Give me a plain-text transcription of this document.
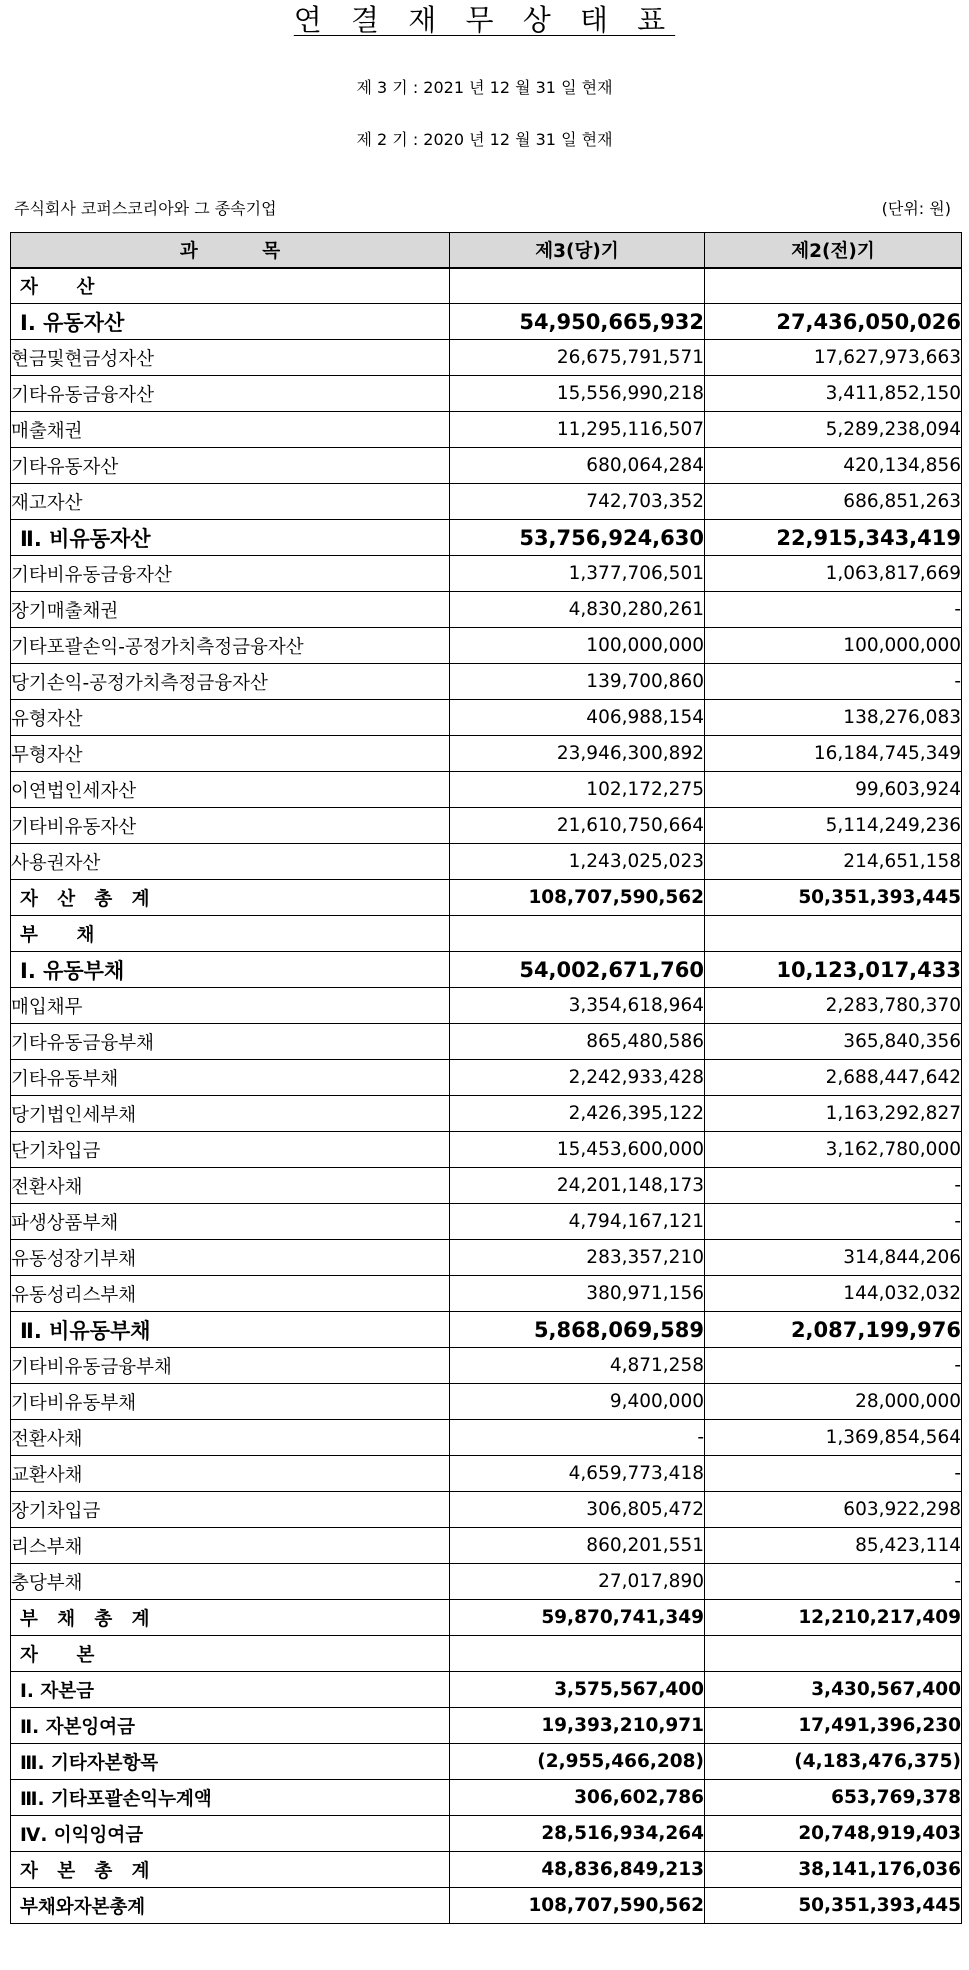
연 결 재 무 상 태 표
제 3 기 : 2021 년 12 월 31 일 현재
제 2 기 : 2020 년 12 월 31 일 현재
주식회사 코퍼스코리아와 그 종속기업	(단위: 원)
과          목	제3(당)기	제2(전)기
자      산		
Ⅰ. 유동자산	54,950,665,932	27,436,050,026
현금및현금성자산	26,675,791,571	17,627,973,663
기타유동금융자산	15,556,990,218	3,411,852,150
매출채권	11,295,116,507	5,289,238,094
기타유동자산	680,064,284	420,134,856
재고자산	742,703,352	686,851,263
Ⅱ. 비유동자산	53,756,924,630	22,915,343,419
기타비유동금융자산	1,377,706,501	1,063,817,669
장기매출채권	4,830,280,261	-
기타포괄손익-공정가치측정금융자산	100,000,000	100,000,000
당기손익-공정가치측정금융자산	139,700,860	-
유형자산	406,988,154	138,276,083
무형자산	23,946,300,892	16,184,745,349
이연법인세자산	102,172,275	99,603,924
기타비유동자산	21,610,750,664	5,114,249,236
사용권자산	1,243,025,023	214,651,158
자   산   총   계	108,707,590,562	50,351,393,445
부      채		
Ⅰ. 유동부채	54,002,671,760	10,123,017,433
매입채무	3,354,618,964	2,283,780,370
기타유동금융부채	865,480,586	365,840,356
기타유동부채	2,242,933,428	2,688,447,642
당기법인세부채	2,426,395,122	1,163,292,827
단기차입금	15,453,600,000	3,162,780,000
전환사채	24,201,148,173	-
파생상품부채	4,794,167,121	-
유동성장기부채	283,357,210	314,844,206
유동성리스부채	380,971,156	144,032,032
Ⅱ. 비유동부채	5,868,069,589	2,087,199,976
기타비유동금융부채	4,871,258	-
기타비유동부채	9,400,000	28,000,000
전환사채	-	1,369,854,564
교환사채	4,659,773,418	-
장기차입금	306,805,472	603,922,298
리스부채	860,201,551	85,423,114
충당부채	27,017,890	-
부   채   총   계	59,870,741,349	12,210,217,409
자      본		
Ⅰ. 자본금	3,575,567,400	3,430,567,400
Ⅱ. 자본잉여금	19,393,210,971	17,491,396,230
Ⅲ. 기타자본항목	(2,955,466,208)	(4,183,476,375)
Ⅲ. 기타포괄손익누계액	306,602,786	653,769,378
Ⅳ. 이익잉여금	28,516,934,264	20,748,919,403
자   본   총   계	48,836,849,213	38,141,176,036
부채와자본총계	108,707,590,562	50,351,393,445
